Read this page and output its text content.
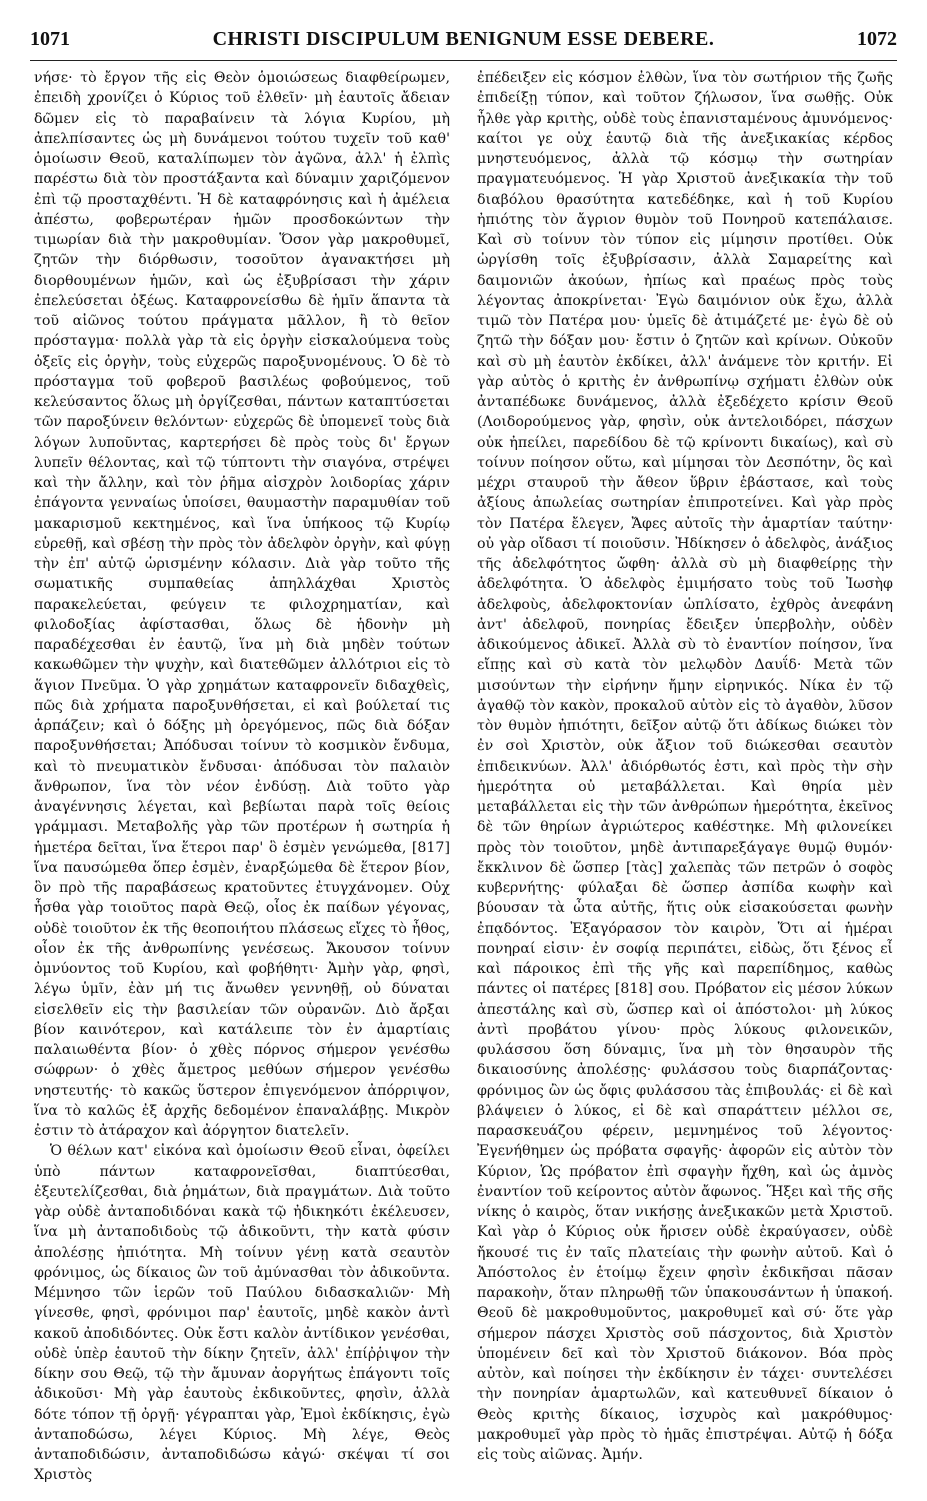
1071	CHRISTI DISCIPULUM BENIGNUM ESSE DEBERE.	1072

νήσε· τὸ ἔργον τῆς εἰς Θεὸν ὁμοιώσεως διαφθείρωμεν, ἐπειδὴ χρονίζει ὁ Κύριος τοῦ ἐλθεῖν· μὴ ἑαυτοῖς ἄδειαν δῶμεν εἰς τὸ παραβαίνειν τὰ λόγια Κυρίου, μὴ ἀπελπίσαντες ὡς μὴ δυνάμενοι τούτου τυχεῖν τοῦ καθ' ὁμοίωσιν Θεοῦ, καταλίπωμεν τὸν ἀγῶνα, ἀλλ' ἡ ἐλπὶς παρέστω διὰ τὸν προστάξαντα καὶ δύναμιν χαριζόμενον ἐπὶ τῷ προσταχθέντι. Ἡ δὲ καταφρόνησις καὶ ἡ ἀμέλεια ἀπέστω, φοβερωτέραν ἡμῶν προσδοκώντων τὴν τιμωρίαν διὰ τὴν μακροθυμίαν. Ὅσον γὰρ μακροθυμεῖ, ζητῶν τὴν διόρθωσιν, τοσοῦτον ἀγανακτήσει μὴ διορθουμένων ἡμῶν, καὶ ὡς ἐξυβρίσασι τὴν χάριν ἐπελεύσεται ὀξέως. Καταφρονείσθω δὲ ἡμῖν ἅπαντα τὰ τοῦ αἰῶνος τούτου πράγματα μᾶλλον, ἢ τὸ θεῖον πρόσταγμα· πολλὰ γὰρ τὰ εἰς ὀργὴν εἰσκαλούμενα τοὺς ὀξεῖς εἰς ὀργὴν, τοὺς εὐχερῶς παροξυνομένους. Ὁ δὲ τὸ πρόσταγμα τοῦ φοβεροῦ βασιλέως φοβούμενος, τοῦ κελεύσαντος ὅλως μὴ ὀργίζεσθαι, πάντων καταπτύσεται τῶν παροξύνειν θελόντων· εὐχερῶς δὲ ὑπομενεῖ τοὺς διὰ λόγων λυποῦντας, καρτερήσει δὲ πρὸς τοὺς δι' ἔργων λυπεῖν θέλοντας, καὶ τῷ τύπτοντι τὴν σιαγόνα, στρέψει καὶ τὴν ἄλλην, καὶ τὸν ῥῆμα αἰσχρὸν λοιδορίας χάριν ἐπάγοντα γενναίως ὑποίσει, θαυμαστὴν παραμυθίαν τοῦ μακαρισμοῦ κεκτημένος, καὶ ἵνα ὑπήκοος τῷ Κυρίῳ εὑρεθῇ, καὶ σβέσῃ τὴν πρὸς τὸν ἀδελφὸν ὀργὴν, καὶ φύγῃ τὴν ἐπ' αὐτῷ ὡρισμένην κόλασιν. Διὰ γὰρ τοῦτο τῆς σωματικῆς συμπαθείας ἀπηλλάχθαι Χριστὸς παρακελεύεται, φεύγειν τε φιλοχρηματίαν, καὶ φιλοδοξίας ἀφίστασθαι, ὅλως δὲ ἡδονὴν μὴ παραδέχεσθαι ἐν ἑαυτῷ, ἵνα μὴ διὰ μηδὲν τούτων κακωθῶμεν τὴν ψυχὴν, καὶ διατεθῶμεν ἀλλότριοι εἰς τὸ ἅγιον Πνεῦμα. Ὁ γὰρ χρημάτων καταφρονεῖν διδαχθεὶς, πῶς διὰ χρήματα παροξυνθήσεται, εἰ καὶ βούλεταί τις ἁρπάζειν; καὶ ὁ δόξης μὴ ὀρεγόμενος, πῶς διὰ δόξαν παροξυνθήσεται; Ἀπόδυσαι τοίνυν τὸ κοσμικὸν ἔνδυμα, καὶ τὸ πνευματικὸν ἔνδυσαι· ἀπόδυσαι τὸν παλαιὸν ἄνθρωπον, ἵνα τὸν νέον ἐνδύσῃ. Διὰ τοῦτο γὰρ ἀναγέννησις λέγεται, καὶ βεβίωται παρὰ τοῖς θείοις γράμμασι. Μεταβολῆς γὰρ τῶν προτέρων ἡ σωτηρία ἡ ἡμετέρα δεῖται, ἵνα ἕτεροι παρ' ὃ ἐσμὲν γενώμεθα, [817] ἵνα παυσώμεθα ὅπερ ἐσμὲν, ἐναρξώμεθα δὲ ἕτερον βίον, ὃν πρὸ τῆς παραβάσεως κρατοῦντες ἐτυγχάνομεν. Οὐχ ἧσθα γὰρ τοιοῦτος παρὰ Θεῷ, οἷος ἐκ παίδων γέγονας, οὐδὲ τοιοῦτον ἐκ τῆς θεοποιήτου πλάσεως εἴχες τὸ ἦθος, οἷον ἐκ τῆς ἀνθρωπίνης γενέσεως. Ἄκουσον τοίνυν ὀμνύοντος τοῦ Κυρίου, καὶ φοβήθητι· Ἀμὴν γὰρ, φησὶ, λέγω ὑμῖν, ἐὰν μή τις ἄνωθεν γεννηθῇ, οὐ δύναται εἰσελθεῖν εἰς τὴν βασιλείαν τῶν οὐρανῶν. Διὸ ἄρξαι βίον καινότερον, καὶ κατάλειπε τὸν ἐν ἁμαρτίαις παλαιωθέντα βίον· ὁ χθὲς πόρνος σήμερον γενέσθω σώφρων· ὁ χθὲς ἄμετρος μεθύων σήμερον γενέσθω νηστευτής· τὸ κακῶς ὕστερον ἐπιγενόμενον ἀπόρριψον, ἵνα τὸ καλῶς ἐξ ἀρχῆς δεδομένον ἐπαναλάβῃς. Μικρὸν ἐστιν τὸ ἀτάραχον καὶ ἀόργητον διατελεῖν.
Ὁ θέλων κατ' εἰκόνα καὶ ὁμοίωσιν Θεοῦ εἶναι, ὀφείλει ὑπὸ πάντων καταφρονεῖσθαι, διαπτύεσθαι, ἐξευτελίζεσθαι, διὰ ῥημάτων, διὰ πραγμάτων. Διὰ τοῦτο γὰρ οὐδὲ ἀνταποδιδόναι κακὰ τῷ ἠδικηκότι ἐκέλευσεν, ἵνα μὴ ἀνταποδιδοὺς τῷ ἀδικοῦντι, τὴν κατὰ φύσιν ἀπολέσῃς ἠπιότητα. Μὴ τοίνυν γένῃ κατὰ σεαυτὸν φρόνιμος, ὡς δίκαιος ὢν τοῦ ἀμύνασθαι τὸν ἀδικοῦντα. Μέμνησο τῶν ἱερῶν τοῦ Παύλου διδασκαλιῶν· Μὴ γίνεσθε, φησὶ, φρόνιμοι παρ' ἑαυτοῖς, μηδὲ κακὸν ἀντὶ κακοῦ ἀποδιδόντες. Οὐκ ἔστι καλὸν ἀντίδικον γενέσθαι, οὐδὲ ὑπὲρ ἑαυτοῦ τὴν δίκην ζητεῖν, ἀλλ' ἐπίῤῥιψον τὴν δίκην σου Θεῷ, τῷ τὴν ἄμυναν ἀοργήτως ἐπάγοντι τοῖς ἀδικοῦσι· Μὴ γὰρ ἑαυτοὺς ἐκδικοῦντες, φησὶν, ἀλλὰ δότε τόπον τῇ ὀργῇ· γέγραπται γὰρ, Ἐμοὶ ἐκδίκησις, ἐγὼ ἀνταποδώσω, λέγει Κύριος. Μὴ λέγε, Θεὸς ἀνταποδιδώσιν, ἀνταποδιδώσω κἀγώ· σκέψαι τί σοι Χριστὸς

ἐπέδειξεν εἰς κόσμον ἐλθὼν, ἵνα τὸν σωτήριον τῆς ζωῆς ἐπιδείξῃ τύπον, καὶ τοῦτον ζήλωσον, ἵνα σωθῇς. Οὐκ ἦλθε γὰρ κριτὴς, οὐδὲ τοὺς ἐπανισταμένους ἀμυνόμενος· καίτοι γε οὐχ ἑαυτῷ διὰ τῆς ἀνεξικακίας κέρδος μνηστευόμενος, ἀλλὰ τῷ κόσμῳ τὴν σωτηρίαν πραγματευόμενος. Ἡ γὰρ Χριστοῦ ἀνεξικακία τὴν τοῦ διαβόλου θρασύτητα κατεδέδηκε, καὶ ἡ τοῦ Κυρίου ἠπιότης τὸν ἄγριον θυμὸν τοῦ Πονηροῦ κατεπάλαισε. Καὶ σὺ τοίνυν τὸν τύπον εἰς μίμησιν προτίθει. Οὐκ ὠργίσθη τοῖς ἐξυβρίσασιν, ἀλλὰ Σαμαρείτης καὶ δαιμονιῶν ἀκούων, ἠπίως καὶ πραέως πρὸς τοὺς λέγοντας ἀποκρίνεται· Ἐγὼ δαιμόνιον οὐκ ἔχω, ἀλλὰ τιμῶ τὸν Πατέρα μου· ὑμεῖς δὲ ἀτιμάζετέ με· ἐγὼ δὲ οὐ ζητῶ τὴν δόξαν μου· ἔστιν ὁ ζητῶν καὶ κρίνων. Οὐκοῦν καὶ σὺ μὴ ἑαυτὸν ἐκδίκει, ἀλλ' ἀνάμενε τὸν κριτήν. Εἰ γὰρ αὐτὸς ὁ κριτὴς ἐν ἀνθρωπίνῳ σχήματι ἐλθὼν οὐκ ἀνταπέδωκε δυνάμενος, ἀλλὰ ἐξεδέχετο κρίσιν Θεοῦ (Λοιδορούμενος γὰρ, φησὶν, οὐκ ἀντελοιδόρει, πάσχων οὐκ ἠπείλει, παρεδίδου δὲ τῷ κρίνοντι δικαίως), καὶ σὺ τοίνυν ποίησον οὕτω, καὶ μίμησαι τὸν Δεσπότην, ὃς καὶ μέχρι σταυροῦ τὴν ἄθεον ὕβριν ἐβάστασε, καὶ τοὺς ἀξίους ἀπωλείας σωτηρίαν ἐπιπροτείνει. Καὶ γὰρ πρὸς τὸν Πατέρα ἔλεγεν, Ἄφες αὐτοῖς τὴν ἁμαρτίαν ταύτην· οὐ γὰρ οἴδασι τί ποιοῦσιν. Ἠδίκησεν ὁ ἀδελφὸς, ἀνάξιος τῆς ἀδελφότητος ὤφθη· ἀλλὰ σὺ μὴ διαφθείρῃς τὴν ἀδελφότητα. Ὁ ἀδελφὸς ἐμιμήσατο τοὺς τοῦ Ἰωσὴφ ἀδελφοὺς, ἀδελφοκτονίαν ὡπλίσατο, ἐχθρὸς ἀνεφάνη ἀντ' ἀδελφοῦ, πονηρίας ἔδειξεν ὑπερβολὴν, οὐδὲν ἀδικούμενος ἀδικεῖ. Ἀλλὰ σὺ τὸ ἐναντίον ποίησον, ἵνα εἴπῃς καὶ σὺ κατὰ τὸν μελῳδὸν Δαυΐδ· Μετὰ τῶν μισούντων τὴν εἰρήνην ἤμην εἰρηνικός. Νίκα ἐν τῷ ἀγαθῷ τὸν κακὸν, προκαλοῦ αὐτὸν εἰς τὸ ἀγαθὸν, λῦσον τὸν θυμὸν ἠπιότητι, δεῖξον αὐτῷ ὅτι ἀδίκως διώκει τὸν ἐν σοὶ Χριστὸν, οὐκ ἄξιον τοῦ διώκεσθαι σεαυτὸν ἐπιδεικνύων. Ἀλλ' ἀδιόρθωτός ἐστι, καὶ πρὸς τὴν σὴν ἡμερότητα οὐ μεταβάλλεται. Καὶ θηρία μὲν μεταβάλλεται εἰς τὴν τῶν ἀνθρώπων ἡμερότητα, ἐκεῖνος δὲ τῶν θηρίων ἀγριώτερος καθέστηκε. Μὴ φιλονείκει πρὸς τὸν τοιοῦτον, μηδὲ ἀντιπαρεξάγαγε θυμῷ θυμόν· ἔκκλινον δὲ ὥσπερ [τὰς] χαλεπὰς τῶν πετρῶν ὁ σοφὸς κυβερνήτης· φύλαξαι δὲ ὥσπερ ἀσπίδα κωφὴν καὶ βύουσαν τὰ ὦτα αὐτῆς, ἥτις οὐκ εἰσακούσεται φωνὴν ἐπᾳδόντος. Ἐξαγόρασον τὸν καιρὸν, Ὅτι αἱ ἡμέραι πονηραί εἰσιν· ἐν σοφίᾳ περιπάτει, εἰδὼς, ὅτι ξένος εἶ καὶ πάροικος ἐπὶ τῆς γῆς καὶ παρεπίδημος, καθὼς πάντες οἱ πατέρες [818] σου. Πρόβατον εἰς μέσον λύκων ἀπεστάλης καὶ σὺ, ὥσπερ καὶ οἱ ἀπόστολοι· μὴ λύκος ἀντὶ προβάτου γίνου· πρὸς λύκους φιλονεικῶν, φυλάσσου ὅση δύναμις, ἵνα μὴ τὸν θησαυρὸν τῆς δικαιοσύνης ἀπολέσῃς· φυλάσσου τοὺς διαρπάζοντας· φρόνιμος ὢν ὡς ὄφις φυλάσσου τὰς ἐπιβουλάς· εἰ δὲ καὶ βλάψειεν ὁ λύκος, εἰ δὲ καὶ σπαράττειν μέλλοι σε, παρασκευάζου φέρειν, μεμνημένος τοῦ λέγοντος· Ἐγενήθημεν ὡς πρόβατα σφαγῆς· ἀφορῶν εἰς αὐτὸν τὸν Κύριον, Ὡς πρόβατον ἐπὶ σφαγὴν ἤχθη, καὶ ὡς ἀμνὸς ἐναντίον τοῦ κείροντος αὐτὸν ἄφωνος. Ἥξει καὶ τῆς σῆς νίκης ὁ καιρὸς, ὅταν νικήσῃς ἀνεξικακῶν μετὰ Χριστοῦ. Καὶ γὰρ ὁ Κύριος οὐκ ἤρισεν οὐδὲ ἐκραύγασεν, οὐδὲ ἤκουσέ τις ἐν ταῖς πλατείαις τὴν φωνὴν αὐτοῦ. Καὶ ὁ Ἀπόστολος ἐν ἑτοίμῳ ἔχειν φησὶν ἐκδικῆσαι πᾶσαν παρακοὴν, ὅταν πληρωθῇ τῶν ὑπακουσάντων ἡ ὑπακοή. Θεοῦ δὲ μακροθυμοῦντος, μακροθυμεῖ καὶ σύ· ὅτε γὰρ σήμερον πάσχει Χριστὸς σοῦ πάσχοντος, διὰ Χριστὸν ὑπομένειν δεῖ καὶ τὸν Χριστοῦ διάκονον. Βόα πρὸς αὐτὸν, καὶ ποίησει τὴν ἐκδίκησιν ἐν τάχει· συντελέσει τὴν πονηρίαν ἁμαρτωλῶν, καὶ κατευθυνεῖ δίκαιον ὁ Θεὸς κριτὴς δίκαιος, ἰσχυρὸς καὶ μακρόθυμος· μακροθυμεῖ γὰρ πρὸς τὸ ἡμᾶς ἐπιστρέψαι. Αὐτῷ ἡ δόξα εἰς τοὺς αἰῶνας. Ἀμήν.
